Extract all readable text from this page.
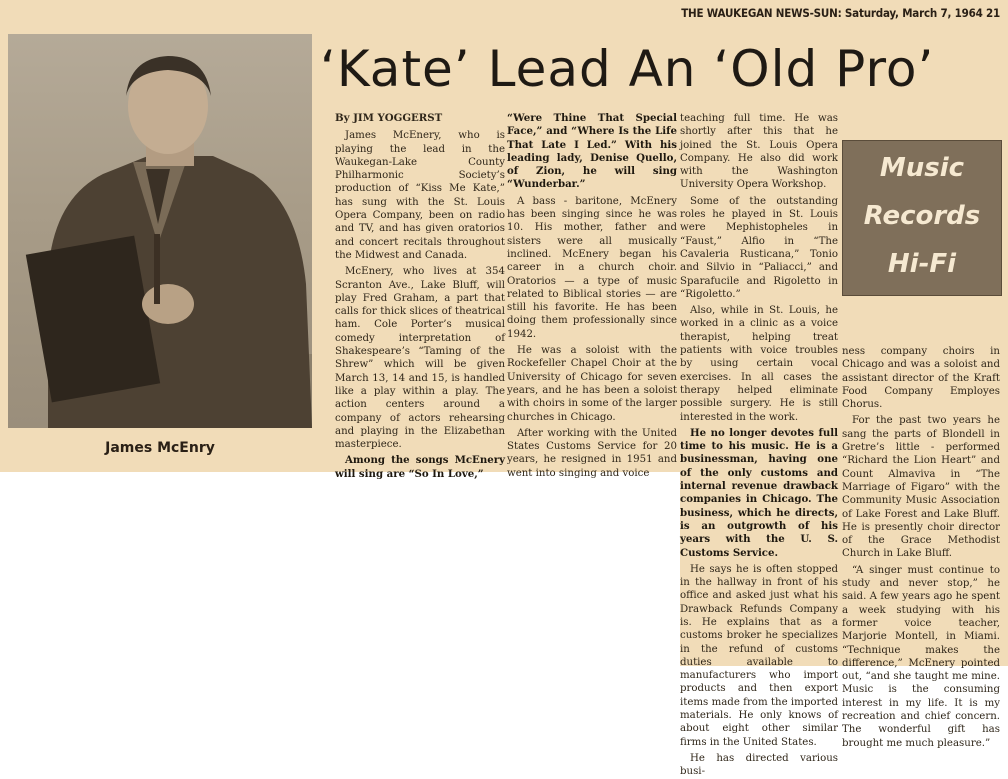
THE WAUKEGAN NEWS-SUN: Saturday, March 7, 1964 21
James McEnry
‘Kate’ Lead An ‘Old Pro’

By JIM YOGGERST

James McEnery, who is playing the lead in the Waukegan-Lake County Philharmonic Society’s production of “Kiss Me Kate,” has sung with the St. Louis Opera Company, been on radio and TV, and has given oratorios and concert recitals throughout the Midwest and Canada.

McEnery, who lives at 354 Scranton Ave., Lake Bluff, will play Fred Graham, a part that calls for thick slices of theatrical ham. Cole Porter’s musical comedy interpretation of Shakespeare’s “Taming of the Shrew” which will be given March 13, 14 and 15, is handled like a play within a play. The action centers around a company of actors rehearsing and playing in the Elizabethan masterpiece.

Among the songs McEnery will sing are “So In Love,”

“Were Thine That Special Face,” and “Where Is the Life That Late I Led.” With his leading lady, Denise Quello, of Zion, he will sing “Wunderbar.”

A bass - baritone, McEnery has been singing since he was 10. His mother, father and sisters were all musically inclined. McEnery began his career in a church choir. Oratorios — a type of music related to Biblical stories — are still his favorite. He has been doing them professionally since 1942.

He was a soloist with the Rockefeller Chapel Choir at the University of Chicago for seven years, and he has been a soloist with choirs in some of the larger churches in Chicago.

After working with the United States Customs Service for 20 years, he resigned in 1951 and went into singing and voice

teaching full time. He was shortly after this that he joined the St. Louis Opera Company. He also did work with the Washington University Opera Workshop.

Some of the outstanding roles he played in St. Louis were Mephistopheles in “Faust,” Alfio in “The Cavaleria Rusticana,” Tonio and Silvio in “Paliacci,” and Sparafucile and Rigoletto in “Rigoletto.”

Also, while in St. Louis, he worked in a clinic as a voice therapist, helping treat patients with voice troubles by using certain vocal exercises. In all cases the therapy helped eliminate possible surgery. He is still interested in the work.

He no longer devotes full time to his music. He is a businessman, having one of the only customs and internal revenue drawback companies in Chicago. The business, which he directs, is an outgrowth of his years with the U. S. Customs Service.

He says he is often stopped in the hallway in front of his office and asked just what his Drawback Refunds Company is. He explains that as a customs broker he specializes in the refund of customs duties available to manufacturers who import products and then export items made from the imported materials. He only knows of about eight other similar firms in the United States.

He has directed various busi-

Music
Records
Hi-Fi

ness company choirs in Chicago and was a soloist and assistant director of the Kraft Food Company Employes Chorus.

For the past two years he sang the parts of Blondell in Gretre’s little - performed “Richard the Lion Heart” and Count Almaviva in “The Marriage of Figaro” with the Community Music Association of Lake Forest and Lake Bluff. He is presently choir director of the Grace Methodist Church in Lake Bluff.

“A singer must continue to study and never stop,” he said. A few years ago he spent a week studying with his former voice teacher, Marjorie Montell, in Miami. “Technique makes the difference,” McEnery pointed out, “and she taught me mine. Music is the consuming interest in my life. It is my recreation and chief concern. The wonderful gift has brought me much pleasure.”
